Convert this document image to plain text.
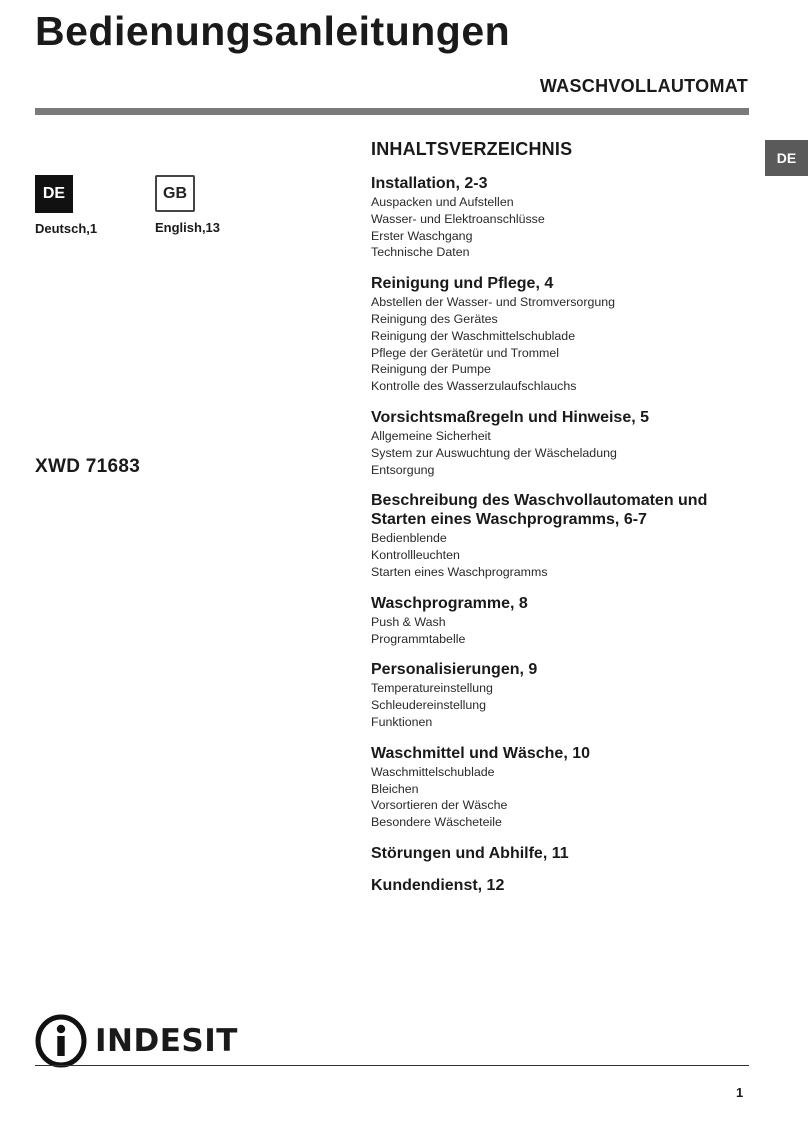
Bedienungsanleitungen
WASCHVOLLAUTOMAT
DE
DE
Deutsch,1
GB
English,13
XWD 71683
INHALTSVERZEICHNIS
Installation, 2-3
Auspacken und Aufstellen
Wasser- und Elektroanschlüsse
Erster Waschgang
Technische Daten
Reinigung und Pflege, 4
Abstellen der Wasser- und Stromversorgung
Reinigung des Gerätes
Reinigung der Waschmittelschublade
Pflege der Gerätetür und Trommel
Reinigung der Pumpe
Kontrolle des Wasserzulaufschlauchs
Vorsichtsmaßregeln und Hinweise, 5
Allgemeine Sicherheit
System zur Auswuchtung der Wäscheladung
Entsorgung
Beschreibung des Waschvollautomaten und Starten eines Waschprogramms, 6-7
Bedienblende
Kontrollleuchten
Starten eines Waschprogramms
Waschprogramme, 8
Push & Wash
Programmtabelle
Personalisierungen, 9
Temperatureinstellung
Schleudereinstellung
Funktionen
Waschmittel und Wäsche, 10
Waschmittelschublade
Bleichen
Vorsortieren der Wäsche
Besondere Wäscheteile
Störungen und Abhilfe, 11
Kundendienst, 12
INDESIT
1
